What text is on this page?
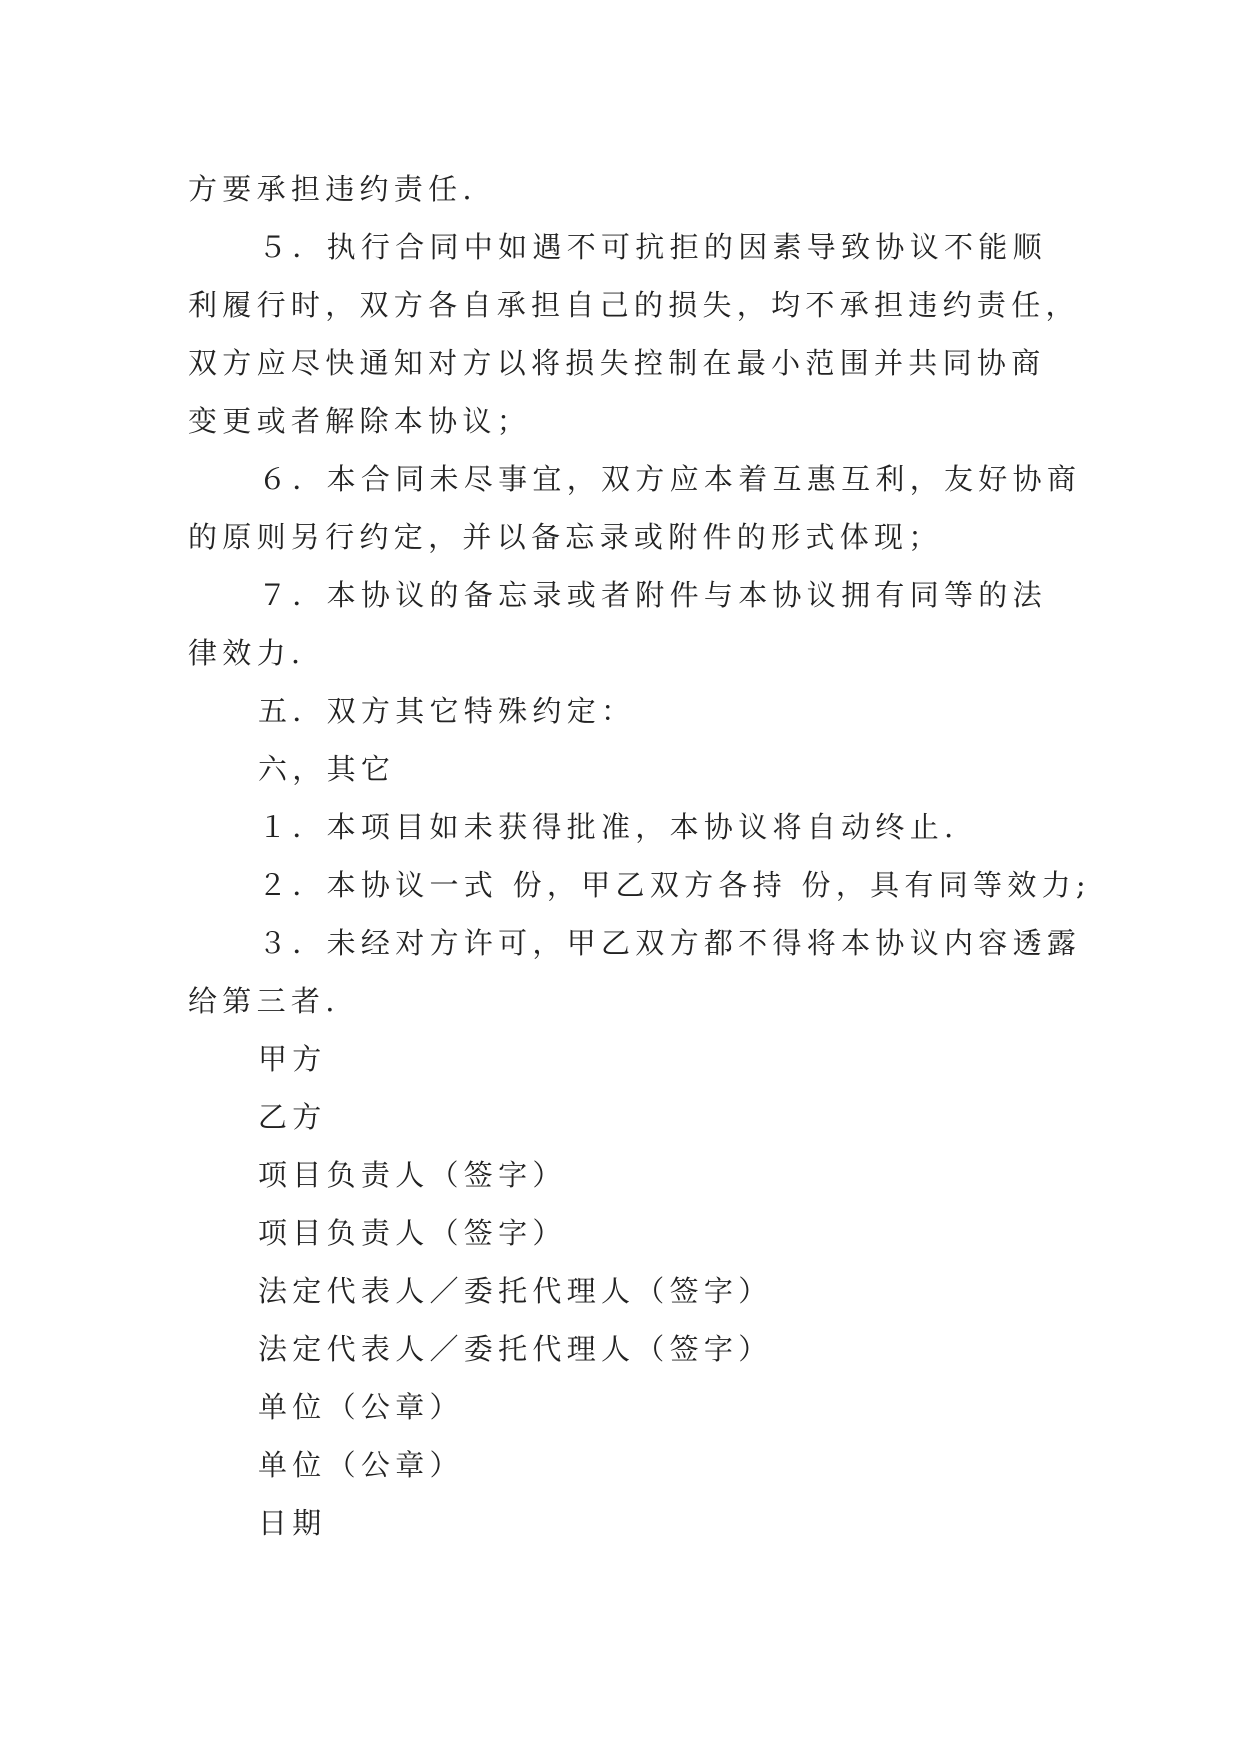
方要承担违约责任.
５．执行合同中如遇不可抗拒的因素导致协议不能顺
利履行时，双方各自承担自己的损失，均不承担违约责任，
双方应尽快通知对方以将损失控制在最小范围并共同协商
变更或者解除本协议；
６．本合同未尽事宜，双方应本着互惠互利，友好协商
的原则另行约定，并以备忘录或附件的形式体现；
７．本协议的备忘录或者附件与本协议拥有同等的法
律效力.
五．双方其它特殊约定：
六，其它
１．本项目如未获得批准，本协议将自动终止.
２．本协议一式 份，甲乙双方各持 份，具有同等效力;
３．未经对方许可，甲乙双方都不得将本协议内容透露
给第三者.
甲方
乙方
项目负责人（签字）
项目负责人（签字）
法定代表人／委托代理人（签字）
法定代表人／委托代理人（签字）
单位（公章）
单位（公章）
日期
